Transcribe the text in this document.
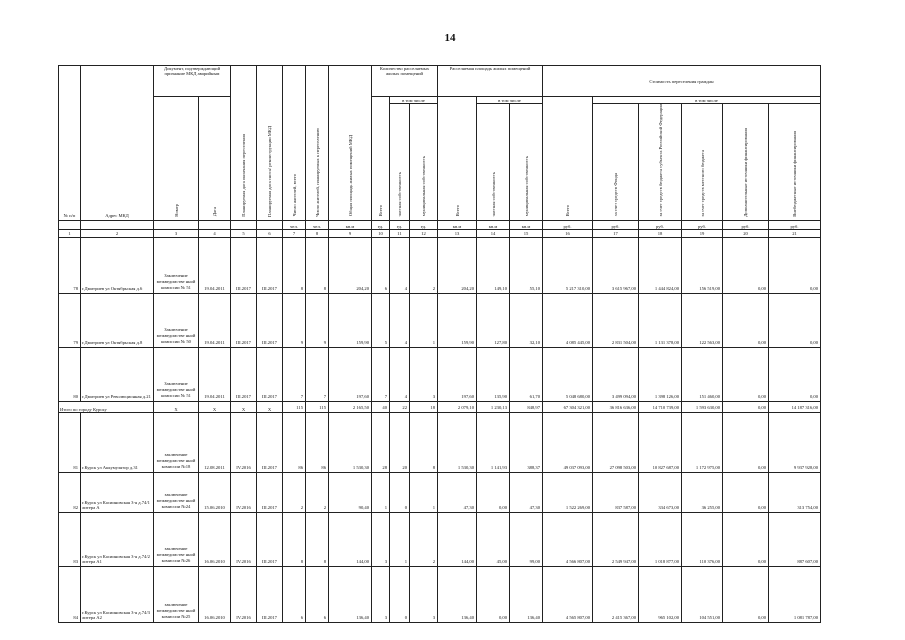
14
№ п/п	Адрес МКД	Документ, подтверждающий признание МКД аварийным		Планируемая дата окончания переселения	Планируемая дата сноса/ реконструкции МКД	Число жителей, всего	Число жителей, планируемых к переселению	Общая площадь жилых помещений МКД	Количество расселяемых жилых помещений			Расселяемая площадь жилых помещений			Стоимость переселения граждан					
		Номер	Дата						Всего	в том числе		Всего	в том числе		Всего	в том числе				
										частная собственность	муниципальная собственность		частная собственность	муниципальная собственность		за счет средств Фонда	за счет средств бюджета субъекта Российской Федерации	за счет средств местного бюджета	Дополнительные источники финансирования	Внебюджетные источники финансирования
						чел.	чел.	кв.м	ед.	ед.	ед.	кв.м	кв.м	кв.м	руб.	руб.	руб.	руб.	руб.	руб.
1	2	3	4	5	6	7	8	9	10	11	12	13	14	15	16	17	18	19	20	21
78	г.Дмитриев ул Октябрьская д.6	Заключение межведомстве нной комиссии № 51	19.04.2011	III.2017	III.2017	8	8	204,20	6	4	2	204,20	149,10	55,10	5 217 310,00	3 615 967,00	1 444 824,00	156 519,00	0,00	0,00
79	г.Дмитриев ул Октябрьская д.8	Заключение межведомстве нной комиссии № 50	19.04.2011	III.2017	III.2017	9	9	159,90	5	4	1	159,90	127,80	32,10	4 085 445,00	2 831 504,00	1 131 378,00	122 563,00	0,00	0,00
80	г.Дмитриев ул Революционная д.21	Заключение межведомстве нной комиссии № 51	19.04.2011	III.2017	III.2017	7	7	197,60	7	4	3	197,60	135,90	61,70	5 048 680,00	3 499 094,00	1 398 126,00	151 460,00	0,00	0,00
Итого по городу Курску		X	X	X	X	115	115	2 165,50	40	22	18	2 079,10	1 230,13	848,97	67 304 321,00	36 816 636,00	14 710 739,00	1 593 630,00	0,00	14 187 316,00
81	г.Курск ул Аккумулятор д.31	заключение межведомстве нной комиссии №18	12.08.2011	IV.2016	III.2017	86	86	1 530,30	28	20	8	1 530,30	1 141,93	388,37	49 037 093,00	27 098 503,00	10 827 687,00	1 172 975,00	0,00	9 937 928,00
82	г.Курск ул Касииновская 3-я д.74/1 литера А	заключение межведомстве нной комиссии №24	15.06.2010	IV.2016	III.2017	2	2	90,40	1	0	1	47,30	0,00	47,30	1 522 269,00	837 587,00	334 673,00	36 255,00	0,00	313 754,00
83	г.Курск ул Касииновская 3-я д.74/2 литера А1	заключение межведомстве нной комиссии №26	16.06.2010	IV.2016	III.2017	8	8	144,00	3	1	2	144,00	45,00	99,00	4 566 807,00	2 549 947,00	1 018 877,00	110 376,00	0,00	887 607,00
84	г.Курск ул Касииновская 3-я д.74/3 литера А2	заключение межведомстве нной комиссии №25	16.06.2010	IV.2016	III.2017	6	6	136,40	3	0	3	136,40	0,00	136,40	4 565 807,00	2 415 367,00	965 102,00	104 551,00	0,00	1 081 787,00
